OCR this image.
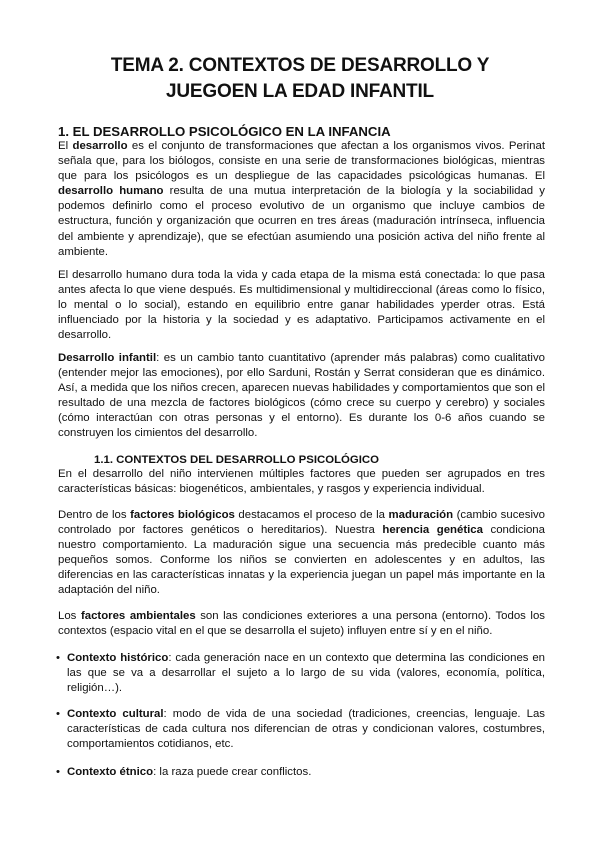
TEMA 2. CONTEXTOS DE DESARROLLO Y
JUEGOEN LA EDAD INFANTIL
1. EL DESARROLLO PSICOLÓGICO EN LA INFANCIA

El desarrollo es el conjunto de transformaciones que afectan a los organismos vivos. Perinat señala que, para los biólogos, consiste en una serie de transformaciones biológicas, mientras que para los psicólogos es un despliegue de las capacidades psicológicas humanas. El desarrollo humano resulta de una mutua interpretación de la biología y la sociabilidad y podemos definirlo como el proceso evolutivo de un organismo que incluye cambios de estructura, función y organización que ocurren en tres áreas (maduración intrínseca, influencia del ambiente y aprendizaje), que se efectúan asumiendo una posición activa del niño frente al ambiente.

El desarrollo humano dura toda la vida y cada etapa de la misma está conectada: lo que pasa antes afecta lo que viene después. Es multidimensional y multidireccional (áreas como lo físico, lo mental o lo social), estando en equilibrio entre ganar habilidades yperder otras. Está influenciado por la historia y la sociedad y es adaptativo. Participamos activamente en el desarrollo.

Desarrollo infantil: es un cambio tanto cuantitativo (aprender más palabras) como cualitativo (entender mejor las emociones), por ello Sarduni, Rostán y Serrat consideran que es dinámico. Así, a medida que los niños crecen, aparecen nuevas habilidades y comportamientos que son el resultado de una mezcla de factores biológicos (cómo crece su cuerpo y cerebro) y sociales (cómo interactúan con otras personas y el entorno). Es durante los 0-6 años cuando se construyen los cimientos del desarrollo.

1.1. CONTEXTOS DEL DESARROLLO PSICOLÓGICO

En el desarrollo del niño intervienen múltiples factores que pueden ser agrupados en tres características básicas: biogenéticos, ambientales, y rasgos y experiencia individual.

Dentro de los factores biológicos destacamos el proceso de la maduración (cambio sucesivo controlado por factores genéticos o hereditarios). Nuestra herencia genética condiciona nuestro comportamiento. La maduración sigue una secuencia más predecible cuanto más pequeños somos. Conforme los niños se convierten en adolescentes y en adultos, las diferencias en las características innatas y la experiencia juegan un papel más importante en la adaptación del niño.

Los factores ambientales son las condiciones exteriores a una persona (entorno). Todos los contextos (espacio vital en el que se desarrolla el sujeto) influyen entre sí y en el niño.

• Contexto histórico: cada generación nace en un contexto que determina las condiciones en las que se va a desarrollar el sujeto a lo largo de su vida (valores, economía, política, religión…).

• Contexto cultural: modo de vida de una sociedad (tradiciones, creencias, lenguaje. Las características de cada cultura nos diferencian de otras y condicionan valores, costumbres, comportamientos cotidianos, etc.

• Contexto étnico: la raza puede crear conflictos.
